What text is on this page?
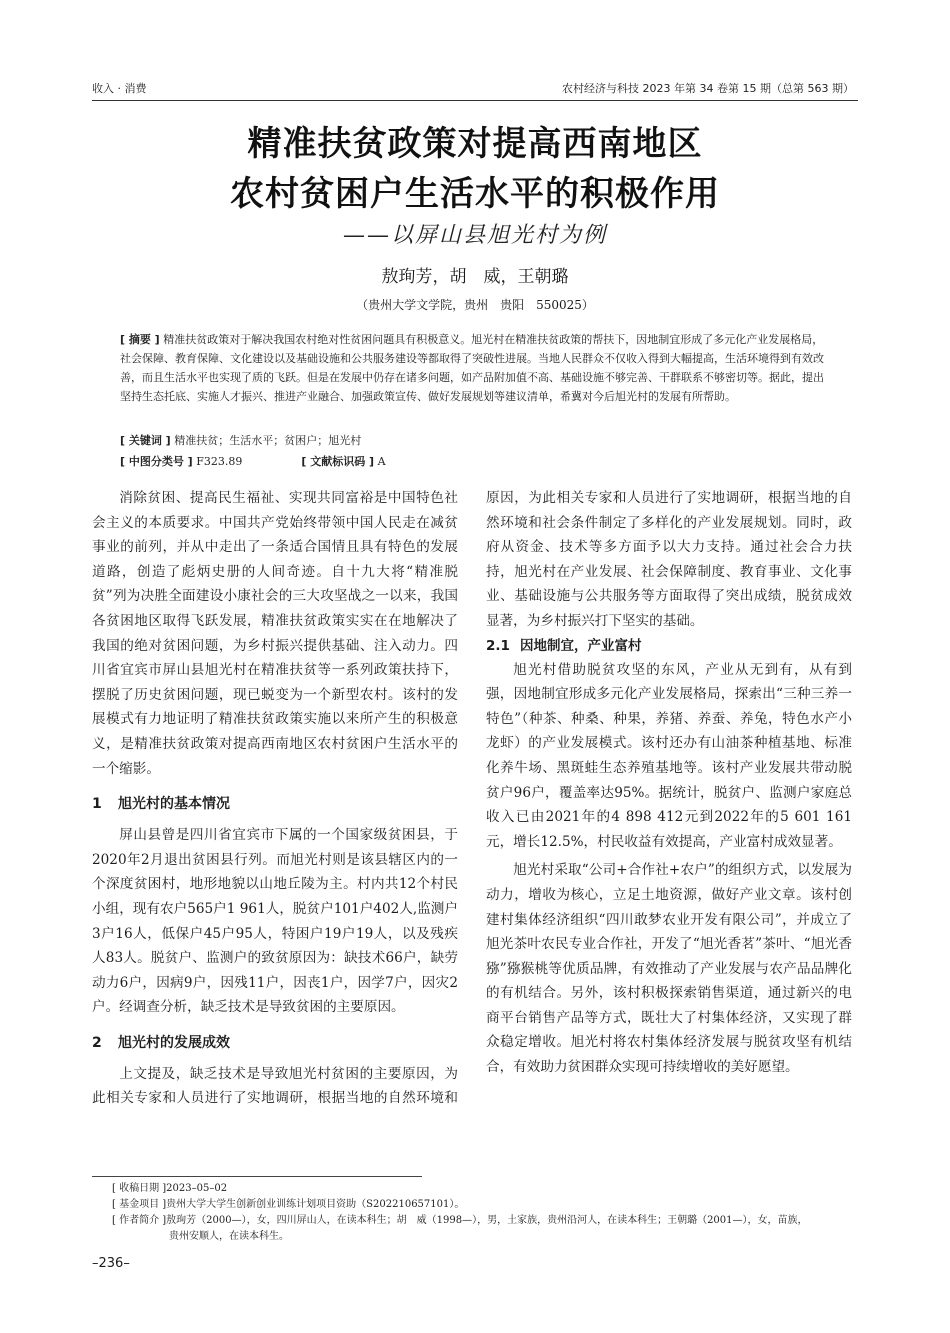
收入 · 消费	农村经济与科技 2023 年第 34 卷第 15 期（总第 563 期）
精准扶贫政策对提高西南地区
农村贫困户生活水平的积极作用
——以屏山县旭光村为例
敖珣芳，胡　威，王朝璐
（贵州大学文学院，贵州　贵阳　550025）
[ 摘要 ] 精准扶贫政策对于解决我国农村绝对性贫困问题具有积极意义。旭光村在精准扶贫政策的帮扶下，因地制宜形成了多元化产业发展格局，社会保障、教育保障、文化建设以及基础设施和公共服务建设等都取得了突破性进展。当地人民群众不仅收入得到大幅提高，生活环境得到有效改善，而且生活水平也实现了质的飞跃。但是在发展中仍存在诸多问题，如产品附加值不高、基础设施不够完善、干群联系不够密切等。据此，提出坚持生态托底、实施人才振兴、推进产业融合、加强政策宣传、做好发展规划等建议清单，希冀对今后旭光村的发展有所帮助。
[ 关键词 ] 精准扶贫；生活水平；贫困户；旭光村
[ 中图分类号 ] F323.89	[ 文献标识码 ] A

消除贫困、提高民生福祉、实现共同富裕是中国特色社会主义的本质要求。中国共产党始终带领中国人民走在减贫事业的前列，并从中走出了一条适合国情且具有特色的发展道路，创造了彪炳史册的人间奇迹。自十九大将“精准脱贫”列为决胜全面建设小康社会的三大攻坚战之一以来，我国各贫困地区取得飞跃发展，精准扶贫政策实实在在地解决了我国的绝对贫困问题，为乡村振兴提供基础、注入动力。四川省宜宾市屏山县旭光村在精准扶贫等一系列政策扶持下，摆脱了历史贫困问题，现已蜕变为一个新型农村。该村的发展模式有力地证明了精准扶贫政策实施以来所产生的积极意义，是精准扶贫政策对提高西南地区农村贫困户生活水平的一个缩影。

1 旭光村的基本情况

屏山县曾是四川省宜宾市下属的一个国家级贫困县，于2020年2月退出贫困县行列。而旭光村则是该县辖区内的一个深度贫困村，地形地貌以山地丘陵为主。村内共12个村民小组，现有农户565户1 961人，脱贫户101户402人,监测户3户16人，低保户45户95人，特困户19户19人，以及残疾人83人。脱贫户、监测户的致贫原因为：缺技术66户，缺劳动力6户，因病9户，因残11户，因丧1户，因学7户，因灾2户。经调查分析，缺乏技术是导致贫困的主要原因。

2 旭光村的发展成效

上文提及，缺乏技术是导致旭光村贫困的主要原因，为此相关专家和人员进行了实地调研，根据当地的自然环境和

原因，为此相关专家和人员进行了实地调研，根据当地的自然环境和社会条件制定了多样化的产业发展规划。同时，政府从资金、技术等多方面予以大力支持。通过社会合力扶持，旭光村在产业发展、社会保障制度、教育事业、文化事业、基础设施与公共服务等方面取得了突出成绩，脱贫成效显著，为乡村振兴打下坚实的基础。

2.1 因地制宜，产业富村

旭光村借助脱贫攻坚的东风，产业从无到有，从有到强，因地制宜形成多元化产业发展格局，探索出“三种三养一特色”（种茶、种桑、种果，养猪、养蚕、养兔，特色水产小龙虾）的产业发展模式。该村还办有山油茶种植基地、标准化养牛场、黑斑蛙生态养殖基地等。该村产业发展共带动脱贫户96户，覆盖率达95%。据统计，脱贫户、监测户家庭总收入已由2021年的4 898 412元到2022年的5 601 161元，增长12.5%，村民收益有效提高，产业富村成效显著。

旭光村采取“公司+合作社+农户”的组织方式，以发展为动力，增收为核心，立足土地资源，做好产业文章。该村创建村集体经济组织“四川敢梦农业开发有限公司”，并成立了旭光茶叶农民专业合作社，开发了“旭光香茗”茶叶、“旭光香猕”猕猴桃等优质品牌，有效推动了产业发展与农产品品牌化的有机结合。另外，该村积极探索销售渠道，通过新兴的电商平台销售产品等方式，既壮大了村集体经济，又实现了群众稳定增收。旭光村将农村集体经济发展与脱贫攻坚有机结合，有效助力贫困群众实现可持续增收的美好愿望。

[ 收稿日期 ]2023–05–02
[ 基金项目 ]贵州大学大学生创新创业训练计划项目资助（S202210657101）。
[ 作者简介 ]敖珣芳（2000—），女，四川屏山人，在读本科生；胡　威（1998—），男，土家族，贵州沿河人，在读本科生；王朝璐（2001—），女，苗族，
贵州安顺人，在读本科生。
–236–
